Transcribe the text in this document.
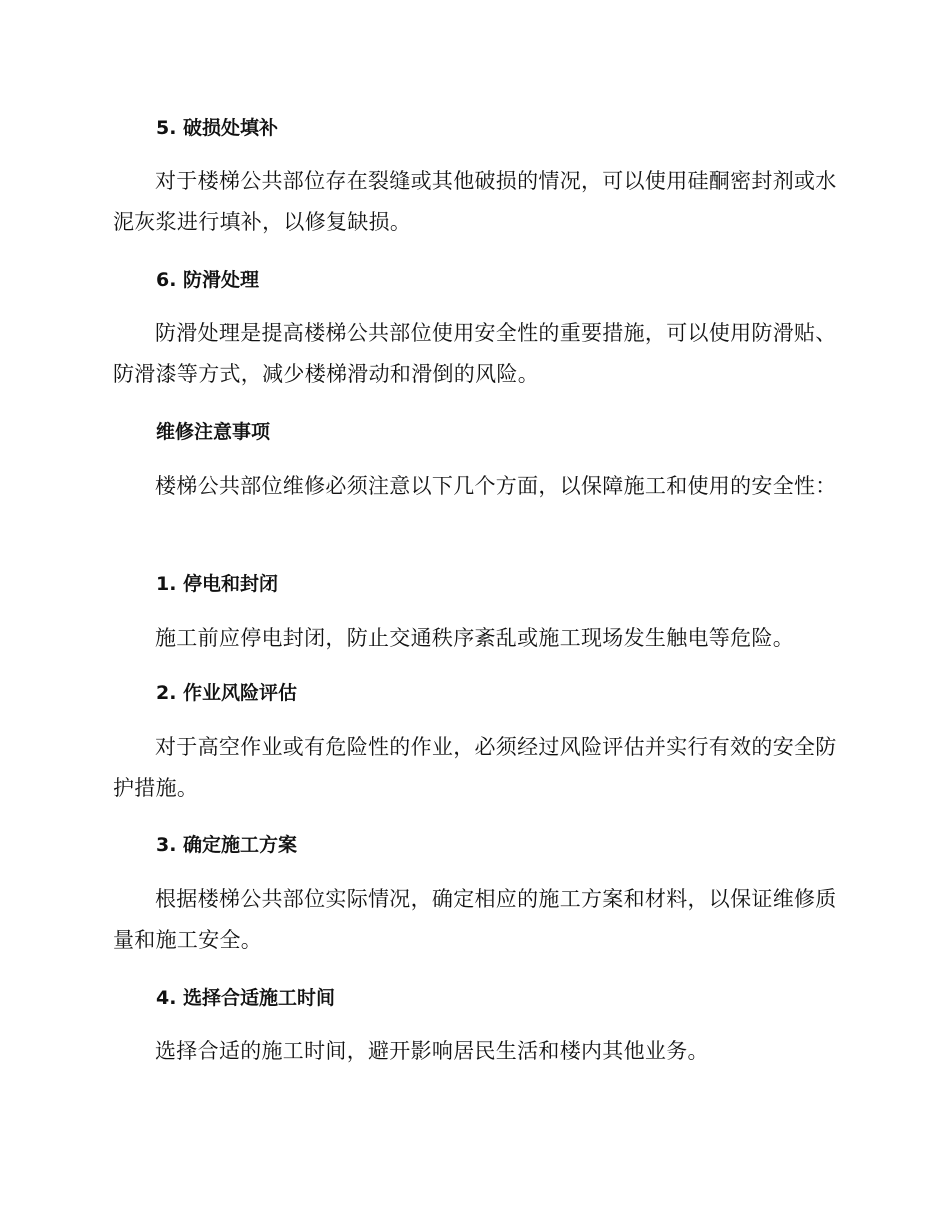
5. 破损处填补

对于楼梯公共部位存在裂缝或其他破损的情况，可以使用硅酮密封剂或水泥灰浆进行填补，以修复缺损。

6. 防滑处理

防滑处理是提高楼梯公共部位使用安全性的重要措施，可以使用防滑贴、防滑漆等方式，减少楼梯滑动和滑倒的风险。

维修注意事项

楼梯公共部位维修必须注意以下几个方面，以保障施工和使用的安全性：

1. 停电和封闭

施工前应停电封闭，防止交通秩序紊乱或施工现场发生触电等危险。

2. 作业风险评估

对于高空作业或有危险性的作业，必须经过风险评估并实行有效的安全防护措施。

3. 确定施工方案

根据楼梯公共部位实际情况，确定相应的施工方案和材料，以保证维修质量和施工安全。

4. 选择合适施工时间

选择合适的施工时间，避开影响居民生活和楼内其他业务。
